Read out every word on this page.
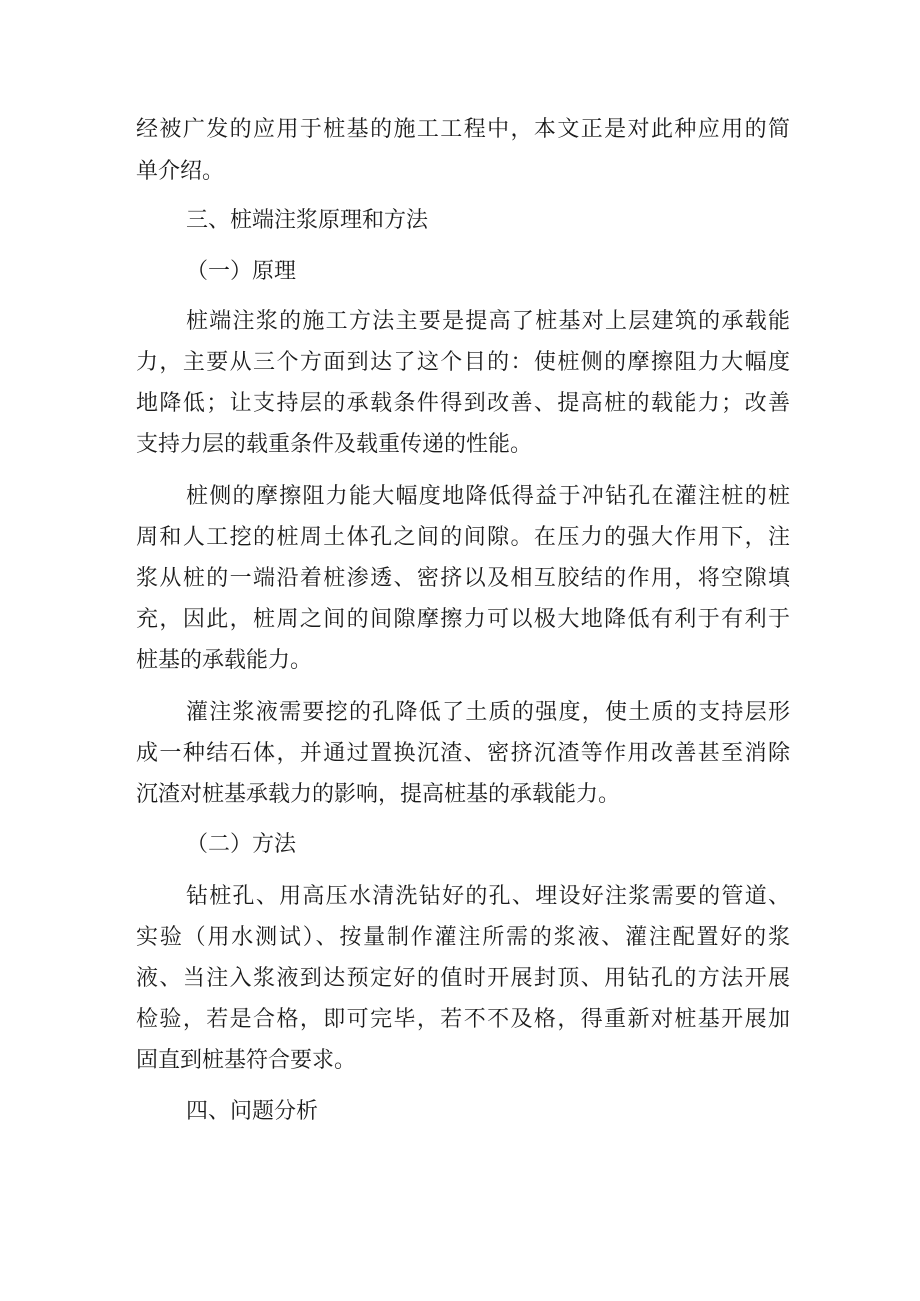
经被广发的应用于桩基的施工工程中，本文正是对此种应用的简
单介绍。
三、桩端注浆原理和方法
（一）原理
桩端注浆的施工方法主要是提高了桩基对上层建筑的承载能
力，主要从三个方面到达了这个目的：使桩侧的摩擦阻力大幅度
地降低；让支持层的承载条件得到改善、提高桩的载能力；改善
支持力层的载重条件及载重传递的性能。
桩侧的摩擦阻力能大幅度地降低得益于冲钻孔在灌注桩的桩
周和人工挖的桩周土体孔之间的间隙。在压力的强大作用下，注
浆从桩的一端沿着桩渗透、密挤以及相互胶结的作用，将空隙填
充，因此，桩周之间的间隙摩擦力可以极大地降低有利于有利于
桩基的承载能力。
灌注浆液需要挖的孔降低了土质的强度，使土质的支持层形
成一种结石体，并通过置换沉渣、密挤沉渣等作用改善甚至消除
沉渣对桩基承载力的影响，提高桩基的承载能力。
（二）方法
钻桩孔、用高压水清洗钻好的孔、埋设好注浆需要的管道、
实验（用水测试）、按量制作灌注所需的浆液、灌注配置好的浆
液、当注入浆液到达预定好的值时开展封顶、用钻孔的方法开展
检验，若是合格，即可完毕，若不不及格，得重新对桩基开展加
固直到桩基符合要求。
四、问题分析
